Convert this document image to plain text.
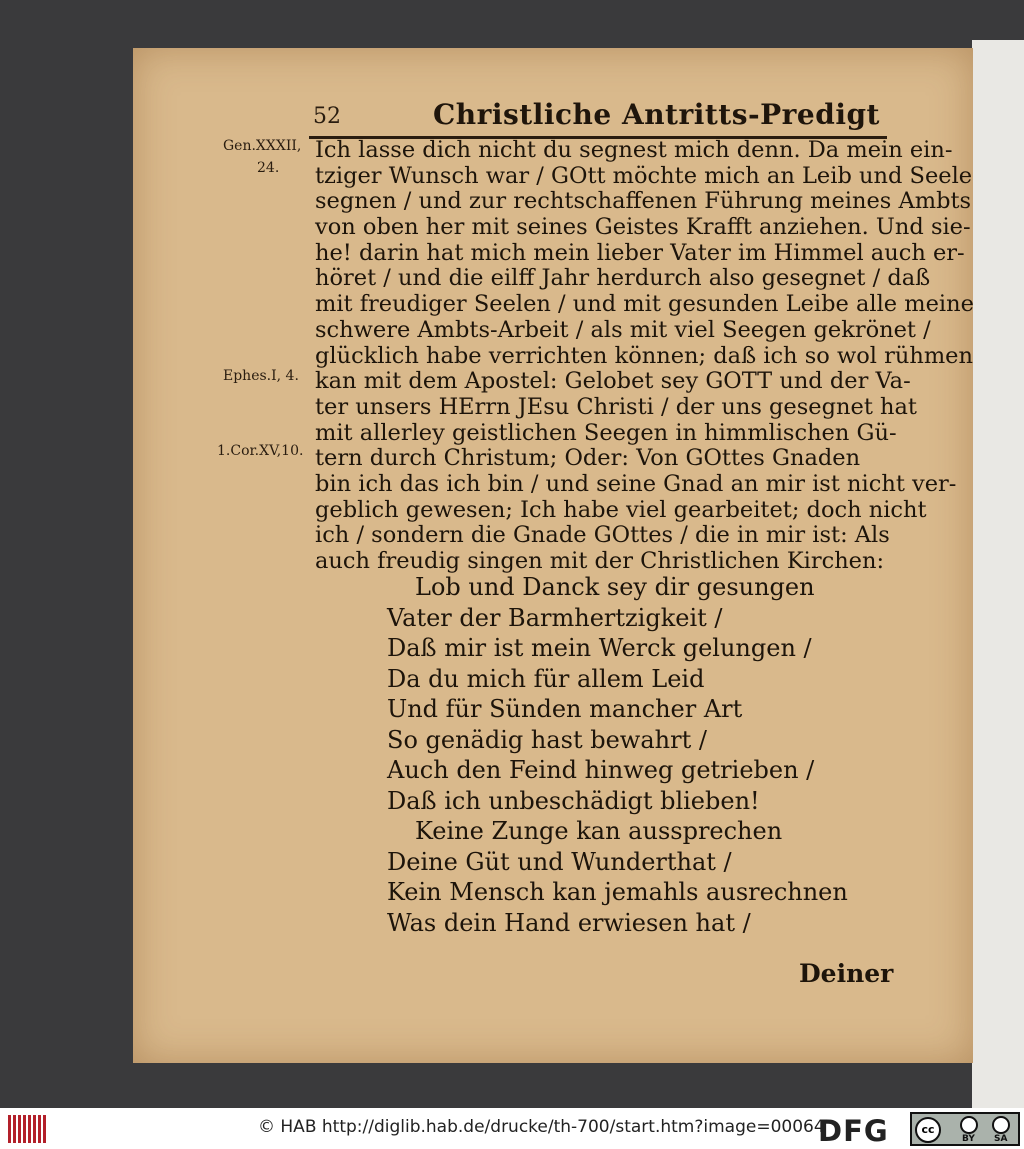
52	Christliche Antritts-Predigt
Gen.XXXII,
24.
Ephes.I, 4.
1.Cor.XV,10.
Ich lasse dich nicht du segnest mich denn. Da mein ein-
tziger Wunsch war / GOtt möchte mich an Leib und Seele
segnen / und zur rechtschaffenen Führung meines Ambts
von oben her mit seines Geistes Krafft anziehen. Und sie-
he! darin hat mich mein lieber Vater im Himmel auch er-
höret / und die eilff Jahr herdurch also gesegnet / daß
mit freudiger Seelen / und mit gesunden Leibe alle meine
schwere Ambts-Arbeit / als mit viel Seegen gekrönet /
glücklich habe verrichten können; daß ich so wol rühmen
kan mit dem Apostel: Gelobet sey GOTT und der Va-
ter unsers HErrn JEsu Christi / der uns gesegnet hat
mit allerley geistlichen Seegen in himmlischen Gü-
tern durch Christum; Oder: Von GOttes Gnaden
bin ich das ich bin / und seine Gnad an mir ist nicht ver-
geblich gewesen; Ich habe viel gearbeitet; doch nicht
ich / sondern die Gnade GOttes / die in mir ist: Als
auch freudig singen mit der Christlichen Kirchen:
Lob und Danck sey dir gesungen
Vater der Barmhertzigkeit /
Daß mir ist mein Werck gelungen /
Da du mich für allem Leid
Und für Sünden mancher Art
So genädig hast bewahrt /
Auch den Feind hinweg getrieben /
Daß ich unbeschädigt blieben!
Keine Zunge kan aussprechen
Deine Güt und Wunderthat /
Kein Mensch kan jemahls ausrechnen
Was dein Hand erwiesen hat /
Deiner
© HAB http://diglib.hab.de/drucke/th-700/start.htm?image=00064
DFG	cc
BY SA
